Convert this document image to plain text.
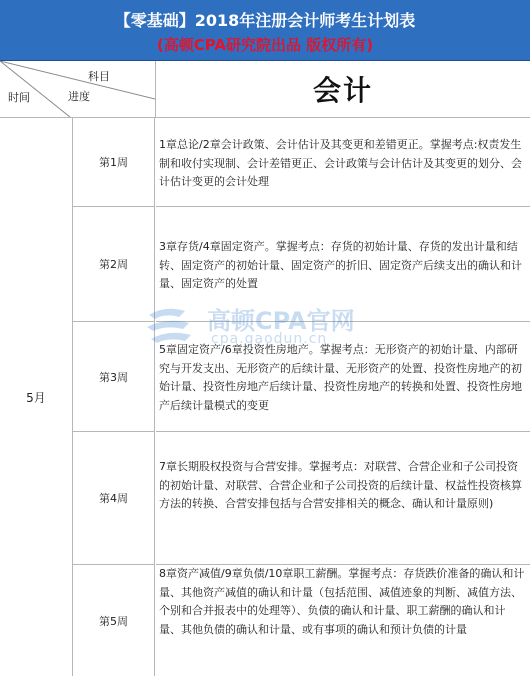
【零基础】2018年注册会计师考生计划表
(高顿CPA研究院出品 版权所有)
科目
进度
时间	会计
5月
第1周
1章总论/2章会计政策、会计估计及其变更和差错更正。掌握考点:权责发生制和收付实现制、会计差错更正、会计政策与会计估计及其变更的划分、会计估计变更的会计处理
第2周
3章存货/4章固定资产。掌握考点：存货的初始计量、存货的发出计量和结转、固定资产的初始计量、固定资产的折旧、固定资产后续支出的确认和计量、固定资产的处置
第3周
5章固定资产/6章投资性房地产。掌握考点：无形资产的初始计量、内部研究与开发支出、无形资产的后续计量、无形资产的处置、投资性房地产的初始计量、投资性房地产后续计量、投资性房地产的转换和处置、投资性房地产后续计量模式的变更
第4周
7章长期股权投资与合营安排。掌握考点：对联营、合营企业和子公司投资的初始计量、对联营、合营企业和子公司投资的后续计量、权益性投资核算方法的转换、合营安排包括与合营安排相关的概念、确认和计量原则)
第5周
8章资产减值/9章负债/10章职工薪酬。掌握考点：存货跌价准备的确认和计量、其他资产减值的确认和计量（包括范围、减值迹象的判断、减值方法、个别和合并报表中的处理等）、负债的确认和计量、职工薪酬的确认和计量、其他负债的确认和计量、或有事项的确认和预计负债的计量
高顿CPA官网
cpa.gaodun.cn
